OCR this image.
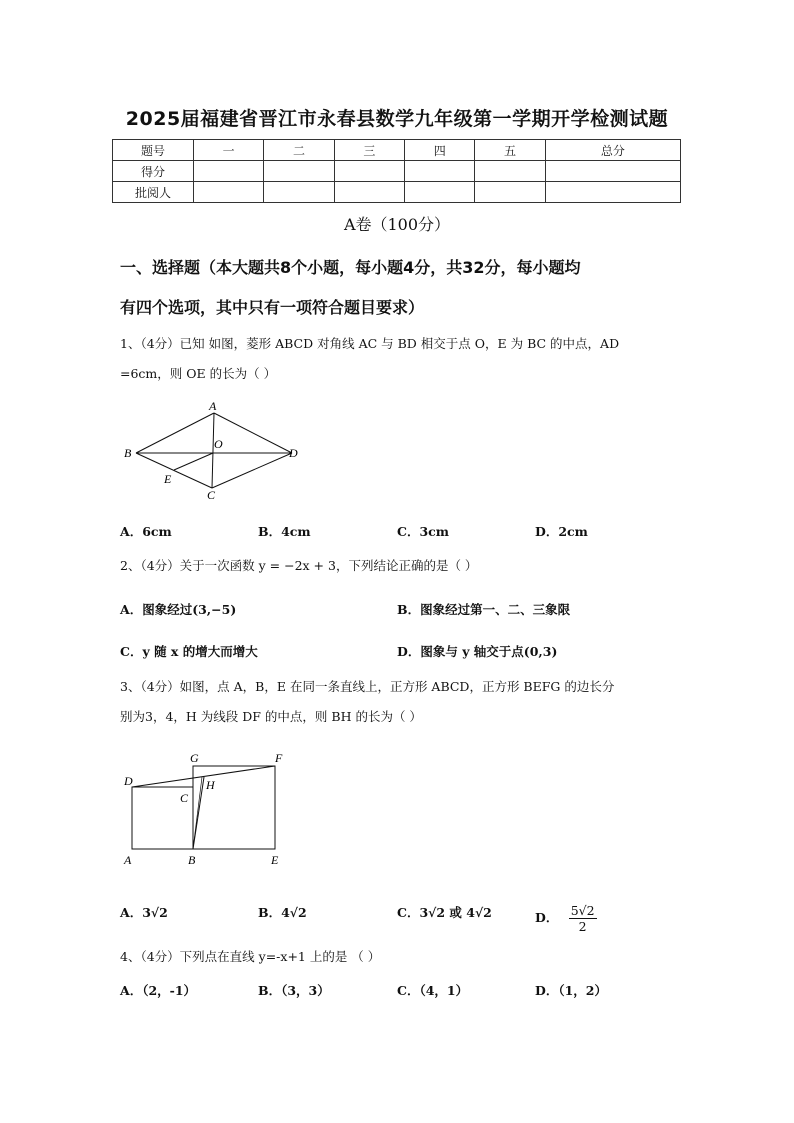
2025届福建省晋江市永春县数学九年级第一学期开学检测试题
题号	一	二	三	四	五	总分
得分						
批阅人						
A卷（100分）
一、选择题（本大题共8个小题，每小题4分，共32分，每小题均
有四个选项，其中只有一项符合题目要求）
1、（4分）已知 如图，菱形 ABCD 对角线 AC 与 BD 相交于点 O，E 为 BC 的中点，AD
=6cm，则 OE 的长为（ ）
A
B
C
D
O
E
A．6cm	B．4cm	C．3cm	D．2cm
2、（4分）关于一次函数 y = −2x + 3，下列结论正确的是（ ）
A．图象经过(3,−5)	B．图象经过第一、二、三象限
C．y 随 x 的增大而增大	D．图象与 y 轴交于点(0,3)
3、（4分）如图，点 A，B，E 在同一条直线上，正方形 ABCD，正方形 BEFG 的边长分
别为3，4，H 为线段 DF 的中点，则 BH 的长为（ ）
G	F
D	H
C
A	B	E
A．3√2	B．4√2	C．3√2 或 4√2	D． $\frac{5√2}{2}$
4、（4分）下列点在直线 y=-x+1 上的是 （ ）
A．（2，-1）	B．（3，3）	C．（4，1）	D．（1，2）
